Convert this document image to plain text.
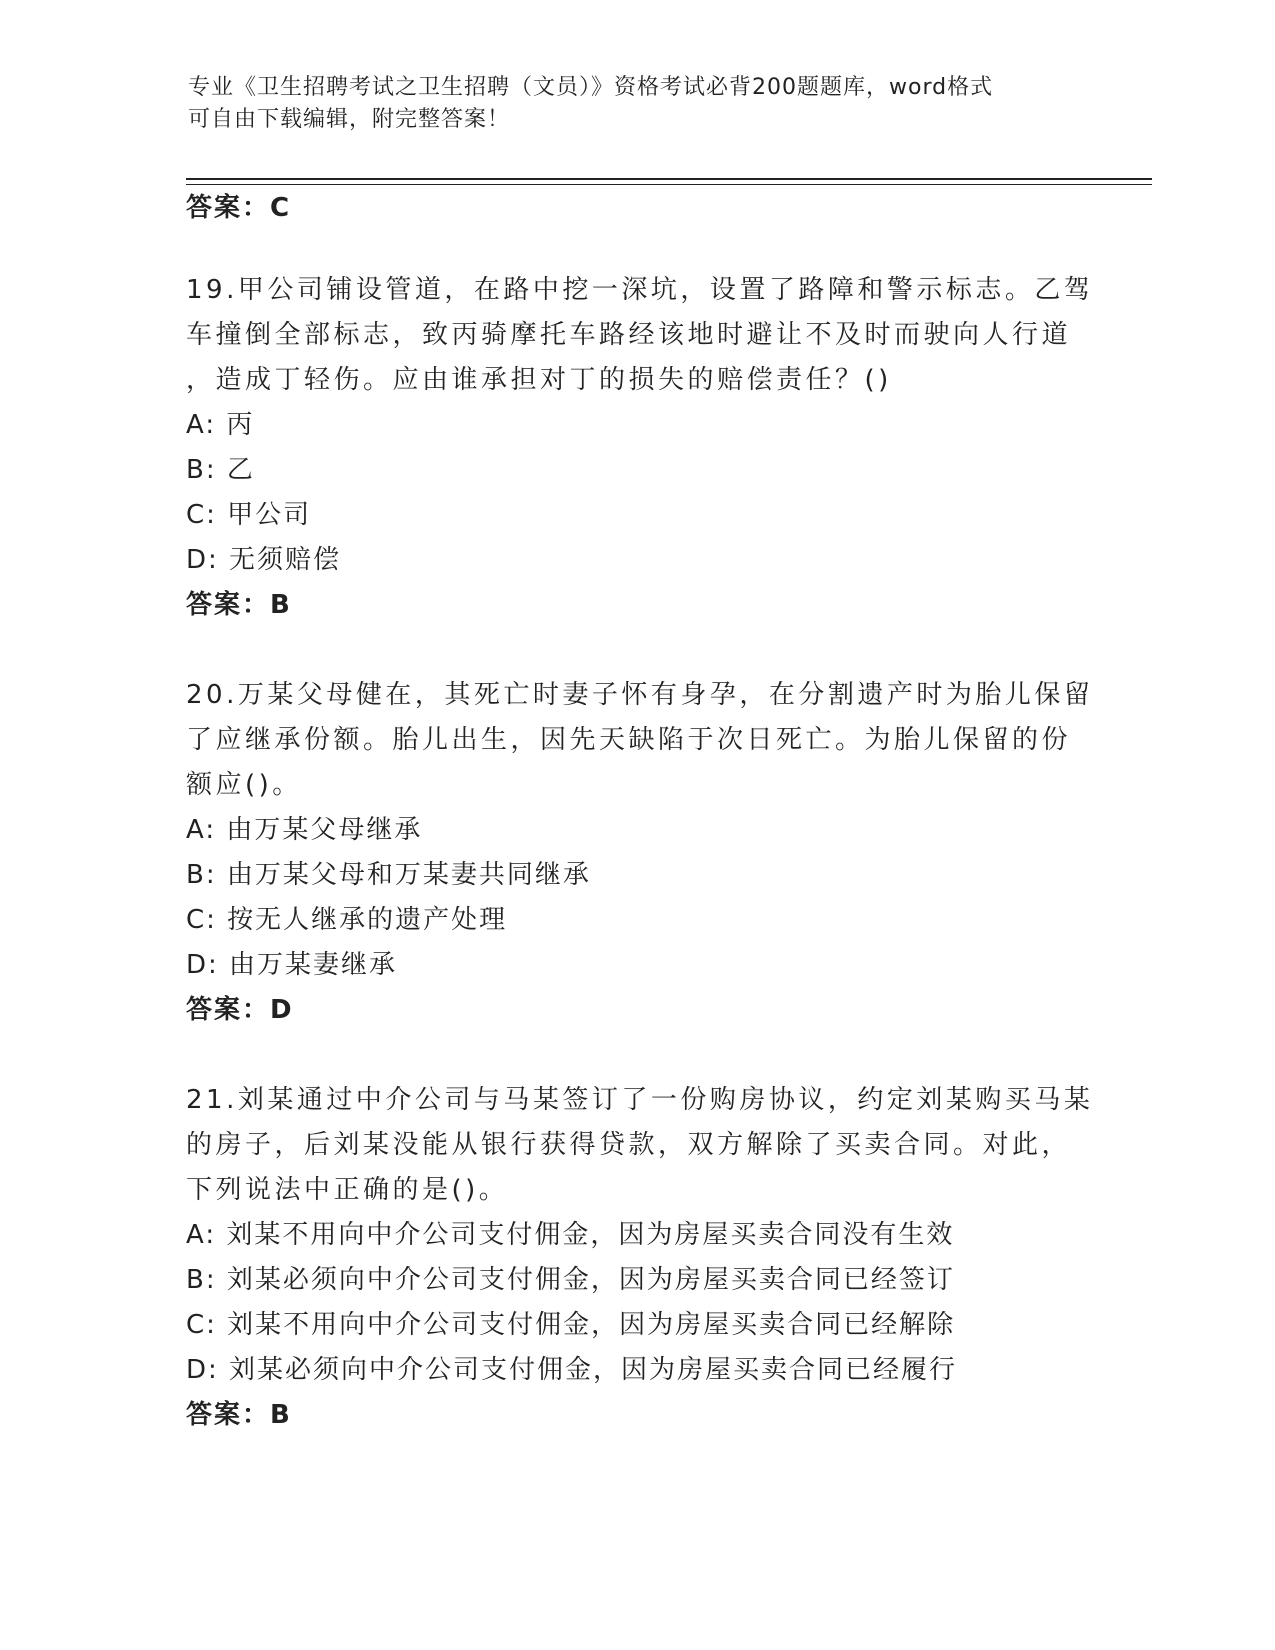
专业《卫生招聘考试之卫生招聘（文员）》资格考试必背200题题库，word格式
可自由下载编辑，附完整答案！
答案：C
19.甲公司铺设管道，在路中挖一深坑，设置了路障和警示标志。乙驾
车撞倒全部标志，致丙骑摩托车路经该地时避让不及时而驶向人行道
，造成丁轻伤。应由谁承担对丁的损失的赔偿责任？()
A: 丙
B: 乙
C: 甲公司
D: 无须赔偿
答案：B
20.万某父母健在，其死亡时妻子怀有身孕，在分割遗产时为胎儿保留
了应继承份额。胎儿出生，因先天缺陷于次日死亡。为胎儿保留的份
额应()。
A: 由万某父母继承
B: 由万某父母和万某妻共同继承
C: 按无人继承的遗产处理
D: 由万某妻继承
答案：D
21.刘某通过中介公司与马某签订了一份购房协议，约定刘某购买马某
的房子，后刘某没能从银行获得贷款，双方解除了买卖合同。对此，
下列说法中正确的是()。
A: 刘某不用向中介公司支付佣金，因为房屋买卖合同没有生效
B: 刘某必须向中介公司支付佣金，因为房屋买卖合同已经签订
C: 刘某不用向中介公司支付佣金，因为房屋买卖合同已经解除
D: 刘某必须向中介公司支付佣金，因为房屋买卖合同已经履行
答案：B
